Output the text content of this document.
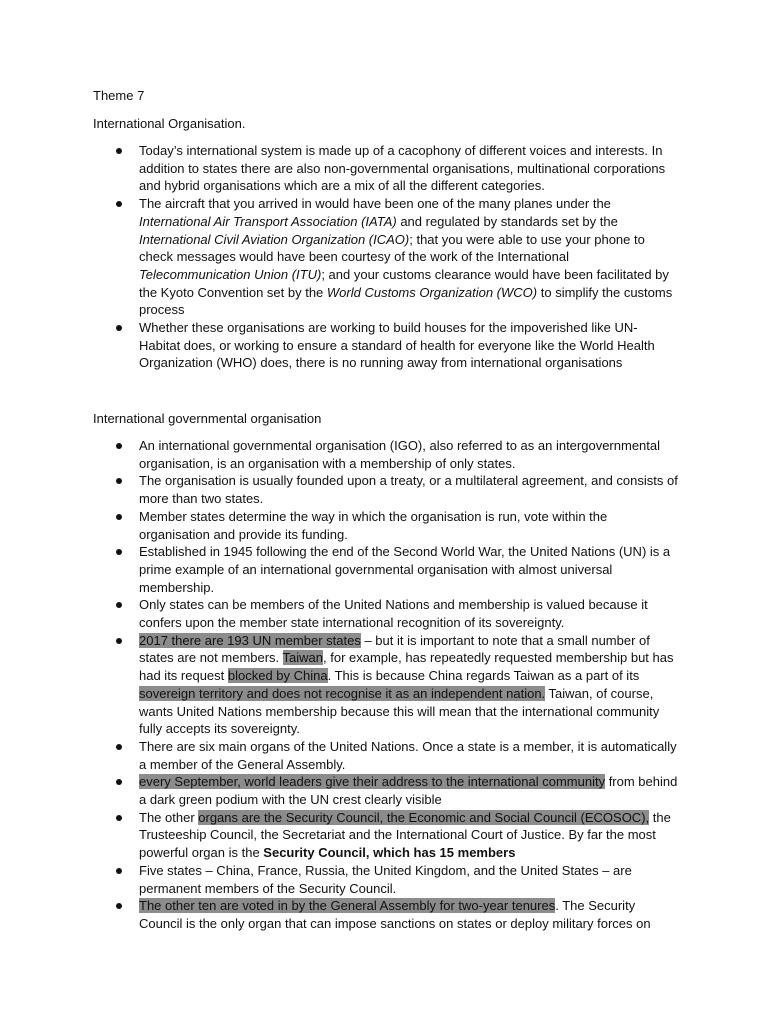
Theme 7
International Organisation.
Today’s international system is made up of a cacophony of different voices and interests. In addition to states there are also non-governmental organisations, multinational corporations and hybrid organisations which are a mix of all the different categories.
The aircraft that you arrived in would have been one of the many planes under the International Air Transport Association (IATA) and regulated by standards set by the International Civil Aviation Organization (ICAO); that you were able to use your phone to check messages would have been courtesy of the work of the International Telecommunication Union (ITU); and your customs clearance would have been facilitated by the Kyoto Convention set by the World Customs Organization (WCO) to simplify the customs process
Whether these organisations are working to build houses for the impoverished like UN-Habitat does, or working to ensure a standard of health for everyone like the World Health Organization (WHO) does, there is no running away from international organisations
International governmental organisation
An international governmental organisation (IGO), also referred to as an intergovernmental organisation, is an organisation with a membership of only states.
The organisation is usually founded upon a treaty, or a multilateral agreement, and consists of more than two states.
Member states determine the way in which the organisation is run, vote within the organisation and provide its funding.
Established in 1945 following the end of the Second World War, the United Nations (UN) is a prime example of an international governmental organisation with almost universal membership.
Only states can be members of the United Nations and membership is valued because it confers upon the member state international recognition of its sovereignty.
2017 there are 193 UN member states – but it is important to note that a small number of states are not members. Taiwan, for example, has repeatedly requested membership but has had its request blocked by China. This is because China regards Taiwan as a part of its sovereign territory and does not recognise it as an independent nation. Taiwan, of course, wants United Nations membership because this will mean that the international community fully accepts its sovereignty.
There are six main organs of the United Nations. Once a state is a member, it is automatically a member of the General Assembly.
every September, world leaders give their address to the international community from behind a dark green podium with the UN crest clearly visible
The other organs are the Security Council, the Economic and Social Council (ECOSOC), the Trusteeship Council, the Secretariat and the International Court of Justice. By far the most powerful organ is the Security Council, which has 15 members
Five states – China, France, Russia, the United Kingdom, and the United States – are permanent members of the Security Council.
The other ten are voted in by the General Assembly for two-year tenures. The Security Council is the only organ that can impose sanctions on states or deploy military forces on
